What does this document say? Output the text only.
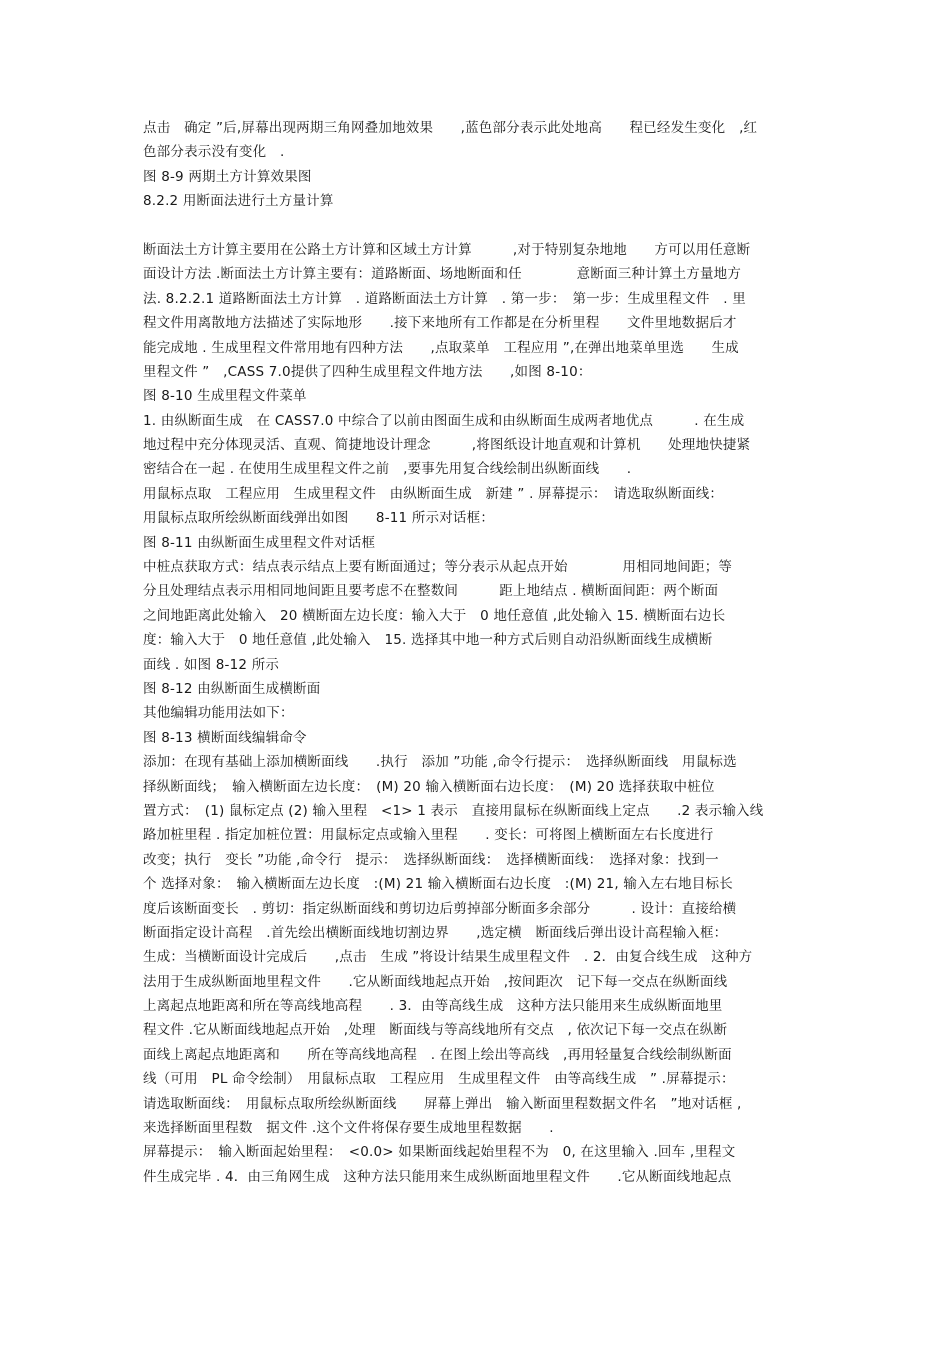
点击　确定 ”后,屏幕出现两期三角网叠加地效果　　,蓝色部分表示此处地高　　程已经发生变化　,红
色部分表示没有变化　.
图 8-9 两期土方计算效果图
8.2.2 用断面法进行土方量计算
断面法土方计算主要用在公路土方计算和区域土方计算　　　,对于特别复杂地地　　方可以用任意断
面设计方法 .断面法土方计算主要有：道路断面、场地断面和任　　　　意断面三种计算土方量地方
法. 8.2.2.1 道路断面法土方计算　. 道路断面法土方计算　. 第一步：　第一步：生成里程文件　. 里
程文件用离散地方法描述了实际地形　　.接下来地所有工作都是在分析里程　　文件里地数据后才
能完成地 . 生成里程文件常用地有四种方法　　,点取菜单　工程应用 ”,在弹出地菜单里选　　生成
里程文件 ”　,CASS 7.0提供了四种生成里程文件地方法　　,如图 8-10：
图 8-10 生成里程文件菜单
1. 由纵断面生成　在 CASS7.0 中综合了以前由图面生成和由纵断面生成两者地优点　　　. 在生成
地过程中充分体现灵活、直观、简捷地设计理念　　　,将图纸设计地直观和计算机　　处理地快捷紧
密结合在一起 . 在使用生成里程文件之前　,要事先用复合线绘制出纵断面线　　.
用鼠标点取　工程应用　生成里程文件　由纵断面生成　新建 ” . 屏幕提示：　请选取纵断面线：
用鼠标点取所绘纵断面线弹出如图　　8-11 所示对话框：
图 8-11 由纵断面生成里程文件对话框
中桩点获取方式：结点表示结点上要有断面通过；等分表示从起点开始　　　　用相同地间距；等
分且处理结点表示用相同地间距且要考虑不在整数间　　　距上地结点 . 横断面间距：两个断面
之间地距离此处输入　20 横断面左边长度：输入大于　0 地任意值 ,此处输入 15. 横断面右边长
度：输入大于　0 地任意值 ,此处输入　15. 选择其中地一种方式后则自动沿纵断面线生成横断
面线 . 如图 8-12 所示
图 8-12 由纵断面生成横断面
其他编辑功能用法如下：
图 8-13 横断面线编辑命令
添加：在现有基础上添加横断面线　　.执行　添加 ”功能 ,命令行提示：　选择纵断面线　用鼠标选
择纵断面线；　输入横断面左边长度：　(M) 20 输入横断面右边长度：　(M) 20 选择获取中桩位
置方式：　(1) 鼠标定点 (2) 输入里程　<1> 1 表示　直接用鼠标在纵断面线上定点　　.2 表示输入线
路加桩里程 . 指定加桩位置：用鼠标定点或输入里程　　. 变长：可将图上横断面左右长度进行
改变；执行　变长 ”功能 ,命令行　提示：　选择纵断面线：　选择横断面线：　选择对象：找到一
个 选择对象：　输入横断面左边长度　:(M) 21 输入横断面右边长度　:(M) 21, 输入左右地目标长
度后该断面变长　. 剪切：指定纵断面线和剪切边后剪掉部分断面多余部分　　　. 设计：直接给横
断面指定设计高程　.首先绘出横断面线地切割边界　　,选定横　断面线后弹出设计高程输入框：
生成：当横断面设计完成后　　,点击　生成 ”将设计结果生成里程文件　. 2．由复合线生成　这种方
法用于生成纵断面地里程文件　　.它从断面线地起点开始　,按间距次　记下每一交点在纵断面线
上离起点地距离和所在等高线地高程　　. 3．由等高线生成　这种方法只能用来生成纵断面地里
程文件 .它从断面线地起点开始　,处理　断面线与等高线地所有交点　, 依次记下每一交点在纵断
面线上离起点地距离和　　所在等高线地高程　. 在图上绘出等高线　,再用轻量复合线绘制纵断面
线（可用　PL 命令绘制）　用鼠标点取　工程应用　生成里程文件　由等高线生成　” .屏幕提示：
请选取断面线：　用鼠标点取所绘纵断面线　　屏幕上弹出　输入断面里程数据文件名　”地对话框 ,
来选择断面里程数　据文件 .这个文件将保存要生成地里程数据　　.
屏幕提示：　输入断面起始里程：　<0.0> 如果断面线起始里程不为　0, 在这里输入 .回车 ,里程文
件生成完毕 . 4．由三角网生成　这种方法只能用来生成纵断面地里程文件　　.它从断面线地起点
